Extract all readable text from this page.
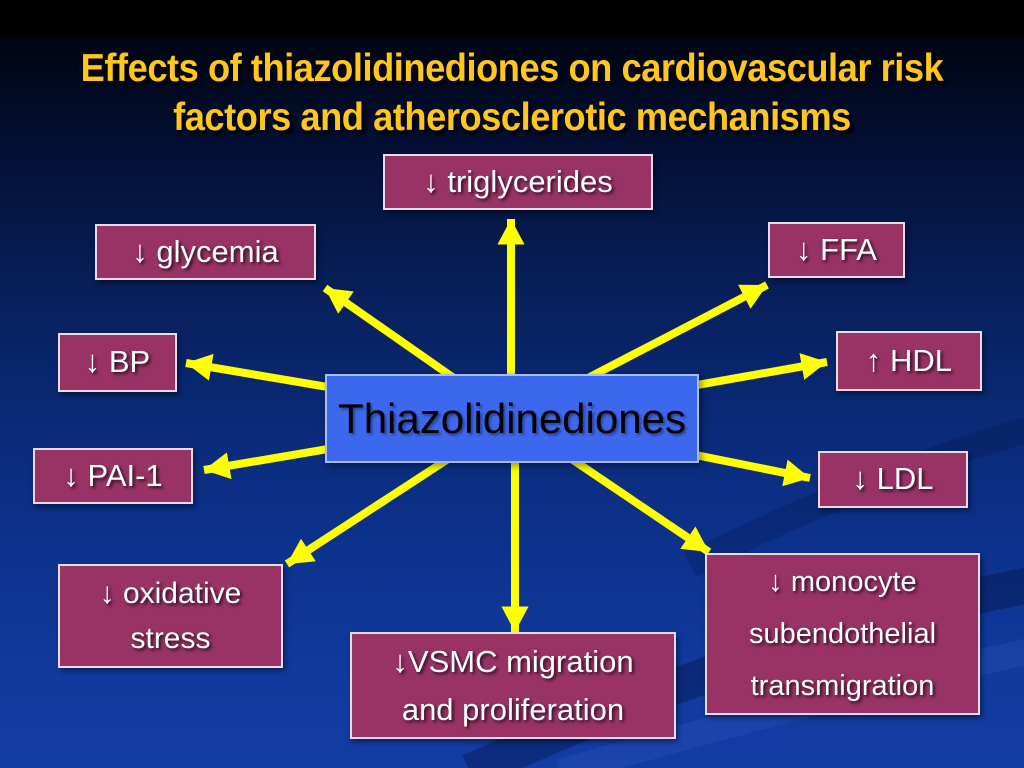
Effects of thiazolidinediones on cardiovascular risk
factors and atherosclerotic mechanisms
↓ triglycerides
↓ glycemia	↓ FFA
↓ BP	↑ HDL
↓ PAI-1	↓ LDL
↓ oxidative
stress
↓VSMC migration
and proliferation
↓ monocyte
subendothelial
transmigration
Thiazolidinediones
